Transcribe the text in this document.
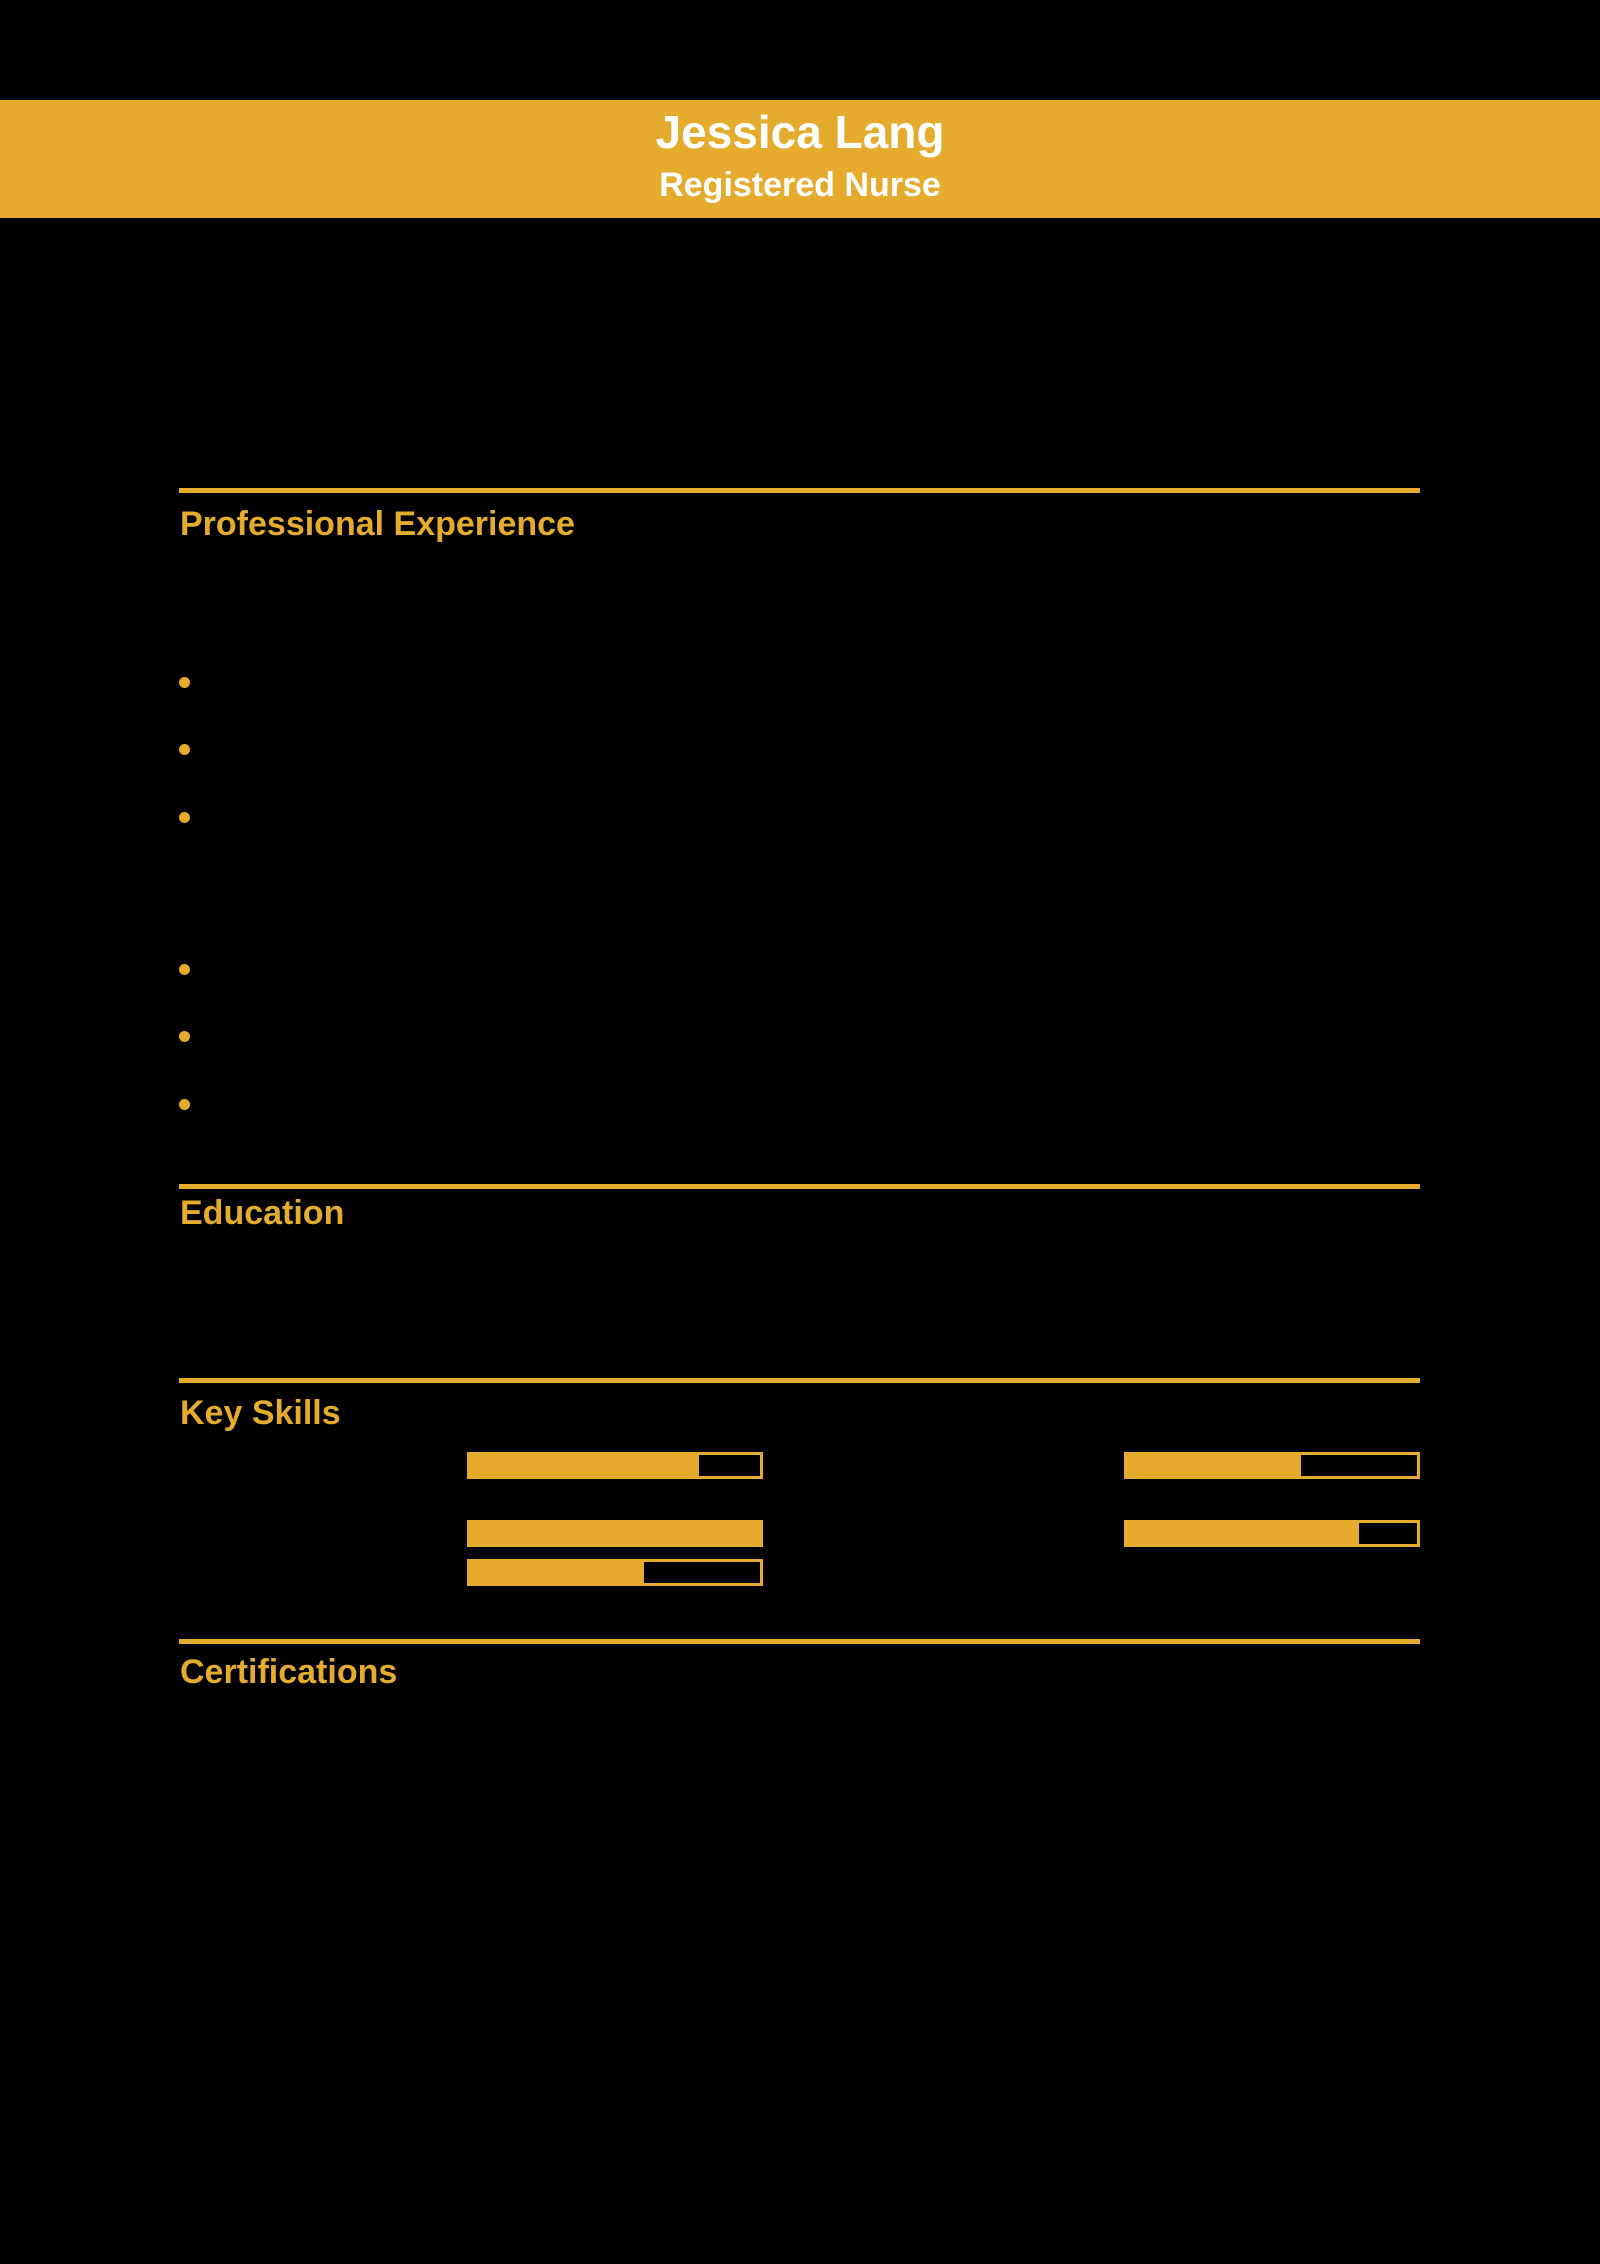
Jessica Lang
Registered Nurse
Professional Experience
Education
Key Skills
Certifications
